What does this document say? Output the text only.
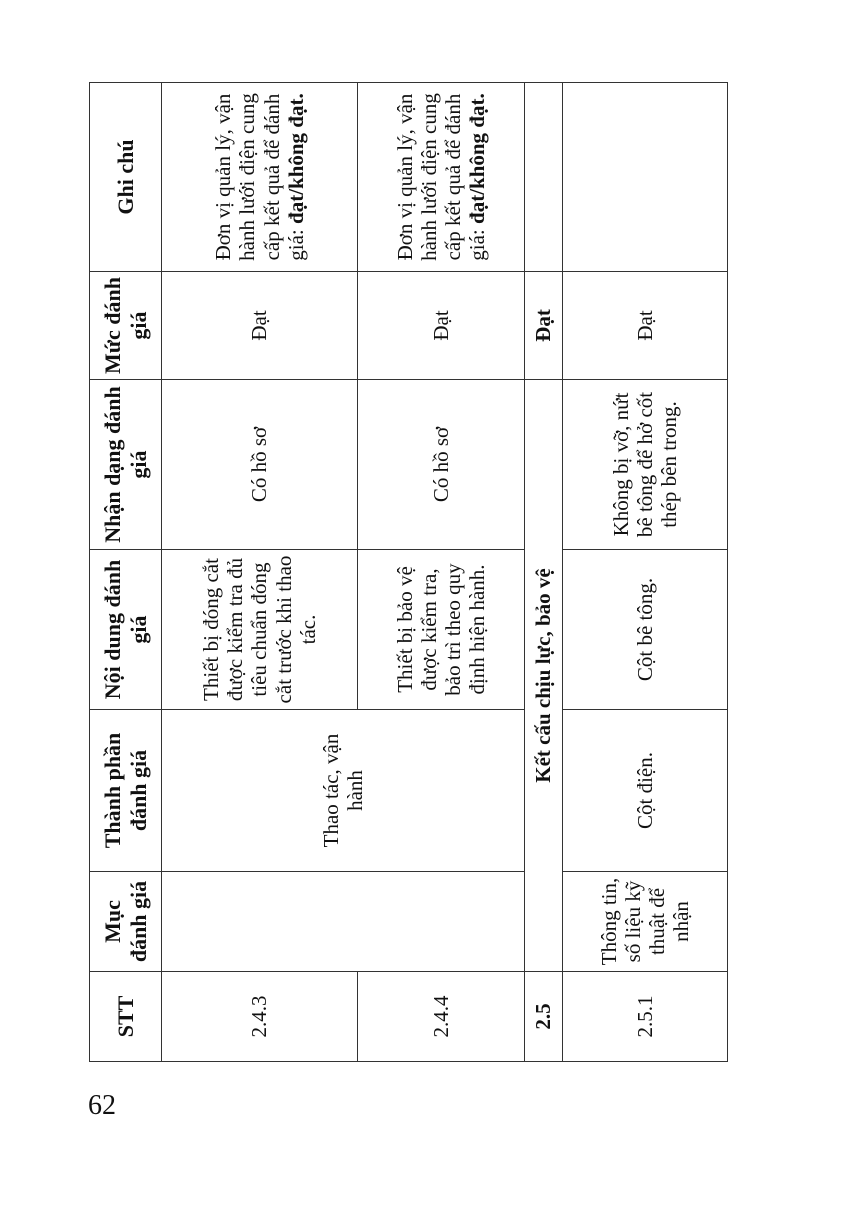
STT	Mục đánh giá	Thành phần đánh giá	Nội dung đánh giá	Nhận dạng đánh giá	Mức đánh giá	Ghi chú
2.4.3		Thao tác, vận hành	Thiết bị đóng cắt được kiểm tra đủ tiêu chuẩn đóng cắt trước khi thao tác.	Có hồ sơ	Đạt	Đơn vị quản lý, vận hành lưới điện cung cấp kết quả để đánh giá: đạt/không đạt.
2.4.4			Thiết bị bảo vệ được kiểm tra, bảo trì theo quy định hiện hành.	Có hồ sơ	Đạt	Đơn vị quản lý, vận hành lưới điện cung cấp kết quả để đánh giá: đạt/không đạt.
2.5	Kết cấu chịu lực, bảo vệ				Đạt	
2.5.1	Thông tin, số liệu kỹ thuật để nhận	Cột điện.	Cột bê tông.	Không bị vỡ, nứt bê tông để hở cốt thép bên trong.	Đạt	
62
